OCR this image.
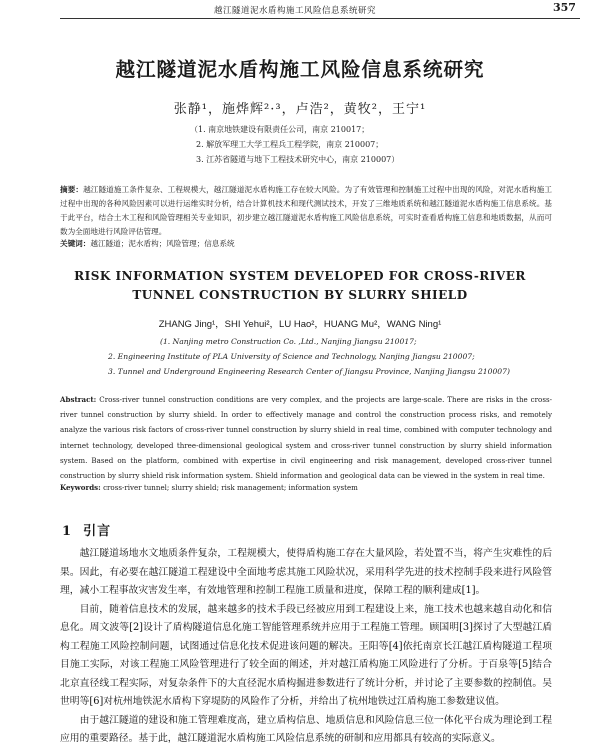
越江隧道泥水盾构施工风险信息系统研究	357
越江隧道泥水盾构施工风险信息系统研究
张静¹，施烨辉²·³，卢浩²，黄牧²，王宁¹
（1. 南京地铁建设有限责任公司，南京 210017；
2. 解放军理工大学工程兵工程学院，南京 210007；
3. 江苏省隧道与地下工程技术研究中心，南京 210007）
摘要：越江隧道施工条件复杂、工程规模大，越江隧道泥水盾构施工存在较大风险。为了有效管理和控制施工过程中出现的风险，对泥水盾构施工过程中出现的各种风险因素可以进行运维实时分析，结合计算机技术和现代测试技术，开发了三维地质系统和越江隧道泥水盾构施工信息系统。基于此平台，结合土木工程和风险管理相关专业知识，初步建立越江隧道泥水盾构施工风险信息系统，可实时查看盾构施工信息和地质数据，从而可数为全面地进行风险评估管理。
关键词：越江隧道；泥水盾构；风险管理；信息系统
RISK INFORMATION SYSTEM DEVELOPED FOR CROSS-RIVER
TUNNEL CONSTRUCTION BY SLURRY SHIELD
ZHANG Jing¹，SHI Yehui²，LU Hao²，HUANG Mu²，WANG Ning¹
(1. Nanjing metro Construction Co. ,Ltd., Nanjing Jiangsu 210017;
2. Engineering Institute of PLA University of Science and Technology, Nanjing Jiangsu 210007;
3. Tunnel and Underground Engineering Research Center of Jiangsu Province, Nanjing Jiangsu 210007)
Abstract: Cross-river tunnel construction conditions are very complex, and the projects are large-scale. There are risks in the cross-river tunnel construction by slurry shield. In order to effectively manage and control the construction process risks, and remotely analyze the various risk factors of cross-river tunnel construction by slurry shield in real time, combined with computer technology and internet technology, developed three-dimensional geological system and cross-river tunnel construction by slurry shield information system. Based on the platform, combined with expertise in civil engineering and risk management, developed cross-river tunnel construction by slurry shield risk information system. Shield information and geological data can be viewed in the system in real time.
Keywords: cross-river tunnel; slurry shield; risk management; information system
1 引言

越江隧道场地水文地质条件复杂，工程规模大，使得盾构施工存在大量风险，若处置不当，将产生灾难性的后果。因此，有必要在越江隧道工程建设中全面地考虑其施工风险状况，采用科学先进的技术控制手段来进行风险管理，减小工程事故灾害发生率，有效地管理和控制工程施工质量和进度，保障工程的顺利建成[1]。

目前，随着信息技术的发展，越来越多的技术手段已经被应用到工程建设上来，施工技术也越来越自动化和信息化。周文波等[2]设计了盾构隧道信息化施工智能管理系统并应用于工程施工管理。顾国明[3]探讨了大型越江盾构工程施工风险控制问题，试图通过信息化技术促进该问题的解决。王阳等[4]依托南京长江越江盾构隧道工程项目施工实际，对该工程施工风险管理进行了较全面的阐述，并对越江盾构施工风险进行了分析。于百泉等[5]结合北京直径线工程实际，对复杂条件下的大直径泥水盾构掘进参数进行了统计分析，并讨论了主要参数的控制值。吴世明等[6]对杭州地铁泥水盾构下穿堤防的风险作了分析，并给出了杭州地铁过江盾构施工参数建议值。

由于越江隧道的建设和施工管理难度高，建立盾构信息、地质信息和风险信息三位一体化平台成为理论到工程应用的重要路径。基于此，越江隧道泥水盾构施工风险信息系统的研制和应用都具有较高的实际意义。
